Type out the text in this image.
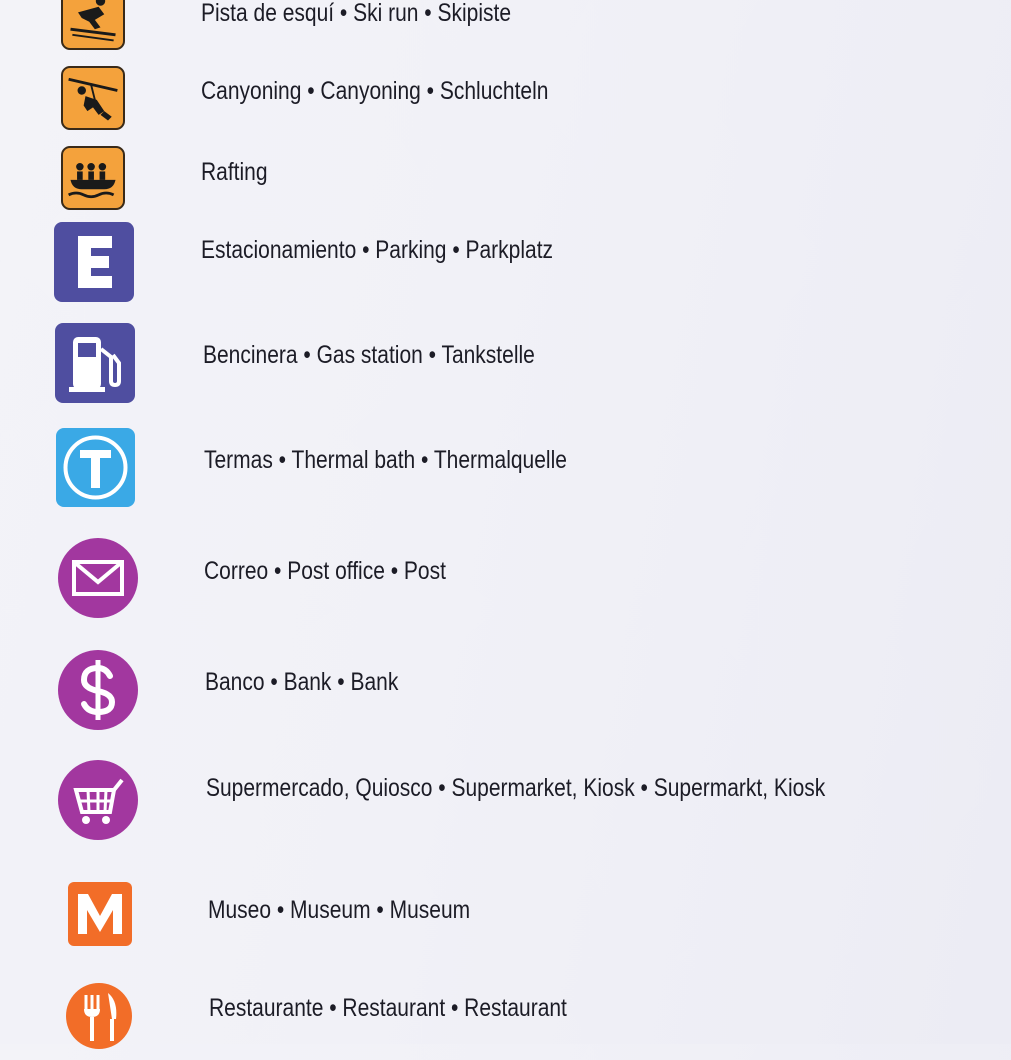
Pista de esquí • Ski run • Skipiste
Canyoning • Canyoning • Schluchteln
Rafting
Estacionamiento • Parking • Parkplatz
Bencinera • Gas station • Tankstelle
Termas • Thermal bath • Thermalquelle
Correo • Post office • Post
Banco • Bank • Bank
Supermercado, Quiosco • Supermarket, Kiosk • Supermarkt, Kiosk
Museo • Museum • Museum
Restaurante • Restaurant • Restaurant
